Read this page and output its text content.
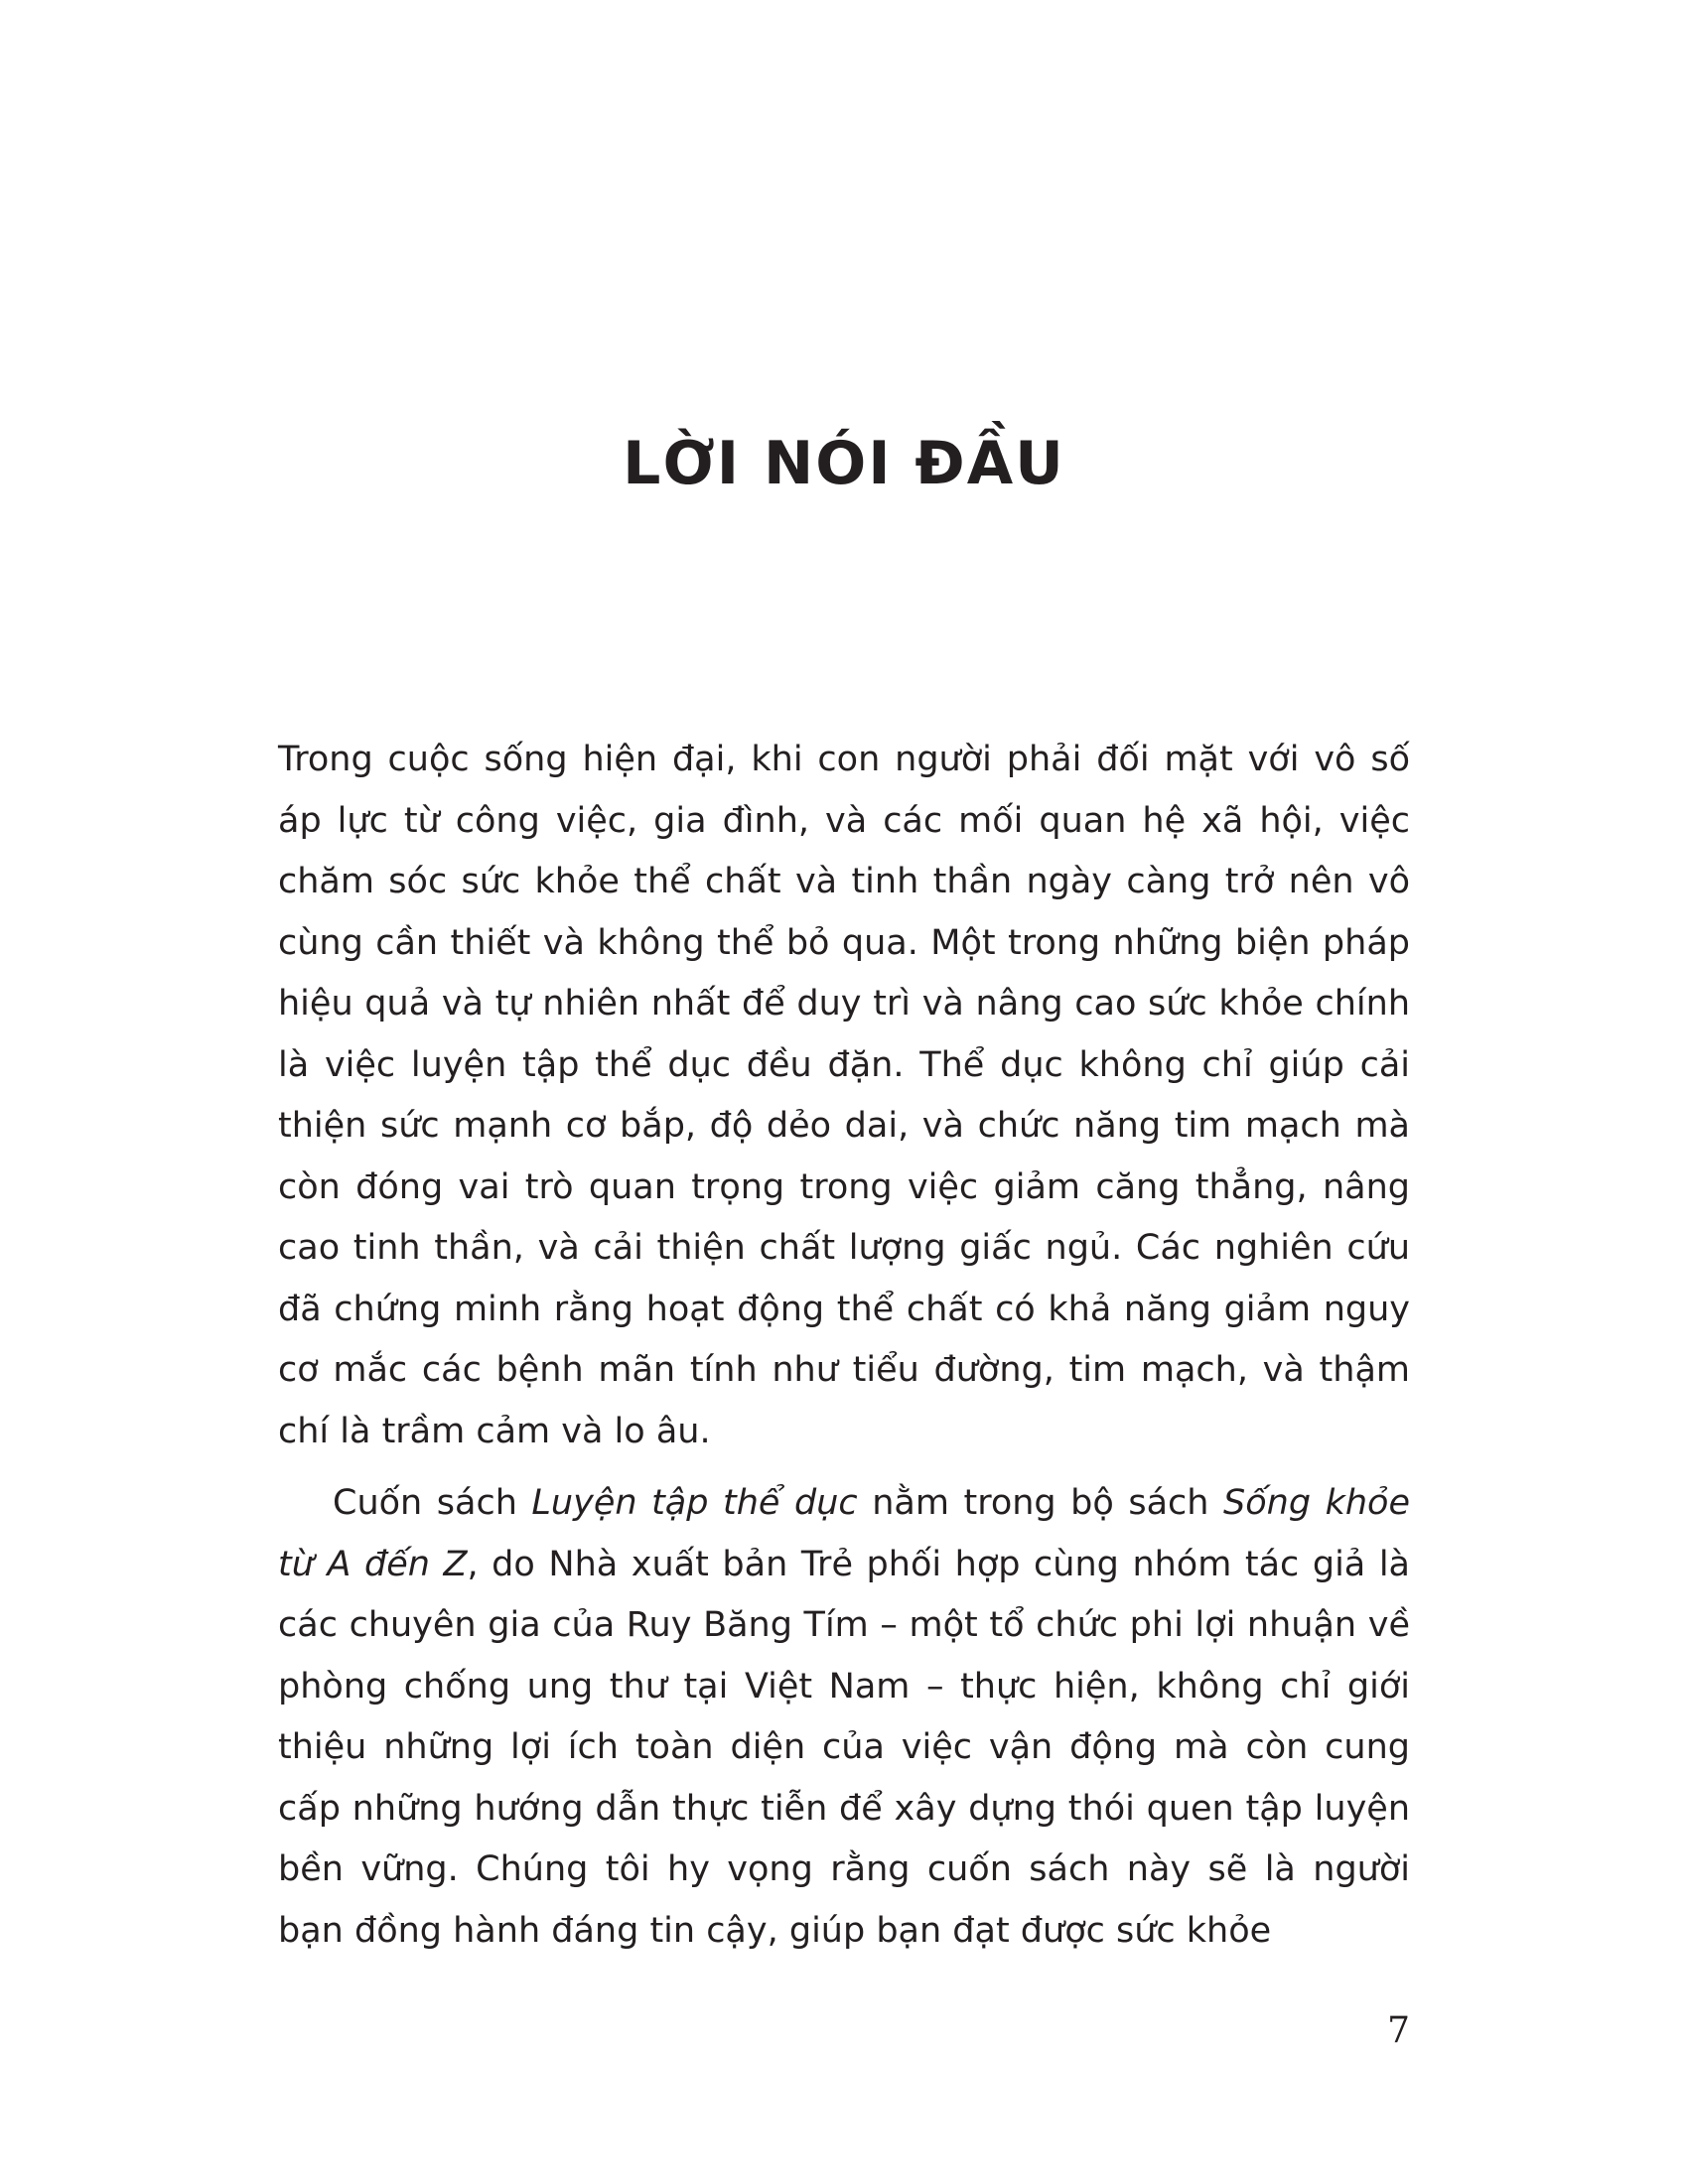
LỜI NÓI ĐẦU

Trong cuộc sống hiện đại, khi con người phải đối mặt với vô số áp lực từ công việc, gia đình, và các mối quan hệ xã hội, việc chăm sóc sức khỏe thể chất và tinh thần ngày càng trở nên vô cùng cần thiết và không thể bỏ qua. Một trong những biện pháp hiệu quả và tự nhiên nhất để duy trì và nâng cao sức khỏe chính là việc luyện tập thể dục đều đặn. Thể dục không chỉ giúp cải thiện sức mạnh cơ bắp, độ dẻo dai, và chức năng tim mạch mà còn đóng vai trò quan trọng trong việc giảm căng thẳng, nâng cao tinh thần, và cải thiện chất lượng giấc ngủ. Các nghiên cứu đã chứng minh rằng hoạt động thể chất có khả năng giảm nguy cơ mắc các bệnh mãn tính như tiểu đường, tim mạch, và thậm chí là trầm cảm và lo âu.

Cuốn sách Luyện tập thể dục nằm trong bộ sách Sống khỏe từ A đến Z, do Nhà xuất bản Trẻ phối hợp cùng nhóm tác giả là các chuyên gia của Ruy Băng Tím – một tổ chức phi lợi nhuận về phòng chống ung thư tại Việt Nam – thực hiện, không chỉ giới thiệu những lợi ích toàn diện của việc vận động mà còn cung cấp những hướng dẫn thực tiễn để xây dựng thói quen tập luyện bền vững. Chúng tôi hy vọng rằng cuốn sách này sẽ là người bạn đồng hành đáng tin cậy, giúp bạn đạt được sức khỏe

7
